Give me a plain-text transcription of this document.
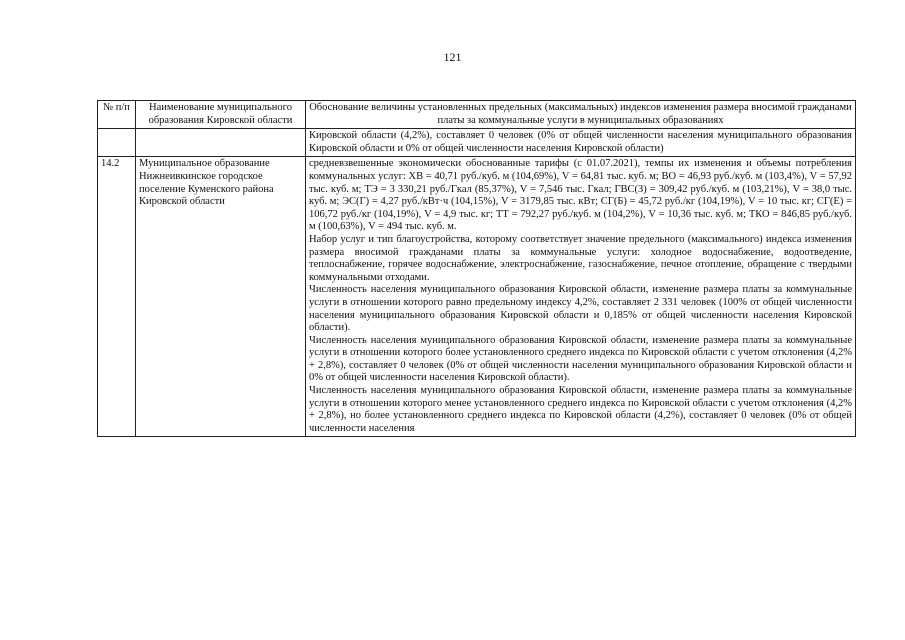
121
№ п/п	Наименование муниципального образования Кировской области	Обоснование величины установленных предельных (максимальных) индексов изменения размера вносимой гражданами платы за коммунальные услуги в муниципальных образованиях
		Кировской области (4,2%), составляет 0 человек (0% от общей численности населения муниципального образования Кировской области и 0% от общей численности населения Кировской области)
14.2	Муниципальное образование Нижнеивкинское городское поселение Куменского района Кировской области	средневзвешенные экономически обоснованные тарифы (с 01.07.2021), темпы их изменения и объемы потребления коммунальных услуг: ХВ = 40,71 руб./куб. м (104,69%), V = 64,81 тыс. куб. м; ВО = 46,93 руб./куб. м (103,4%), V = 57,92 тыс. куб. м; ТЭ = 3 330,21 руб./Гкал (85,37%), V = 7,546 тыс. Гкал; ГВС(З) = 309,42 руб./куб. м (103,21%), V = 38,0 тыс. куб. м; ЭС(Г) = 4,27 руб./кВт·ч (104,15%), V = 3179,85 тыс. кВт; СГ(Б) = 45,72 руб./кг (104,19%), V = 10 тыс. кг; СГ(Е) = 106,72 руб./кг (104,19%), V = 4,9 тыс. кг; ТТ = 792,27 руб./куб. м (104,2%), V = 10,36 тыс. куб. м; ТКО = 846,85 руб./куб. м (100,63%), V = 494 тыс. куб. м.

Набор услуг и тип благоустройства, которому соответствует значение предельного (максимального) индекса изменения размера вносимой гражданами платы за коммунальные услуги: холодное водоснабжение, водоотведение, теплоснабжение, горячее водоснабжение, электроснабжение, газоснабжение, печное отопление, обращение с твердыми коммунальными отходами.

Численность населения муниципального образования Кировской области, изменение размера платы за коммунальные услуги в отношении которого равно предельному индексу 4,2%, составляет 2 331 человек (100% от общей численности населения муниципального образования Кировской области и 0,185% от общей численности населения Кировской области).

Численность населения муниципального образования Кировской области, изменение размера платы за коммунальные услуги в отношении которого более установленного среднего индекса по Кировской области с учетом отклонения (4,2% + 2,8%), составляет 0 человек (0% от общей численности населения муниципального образования Кировской области и 0% от общей численности населения Кировской области).

Численность населения муниципального образования Кировской области, изменение размера платы за коммунальные услуги в отношении которого менее установленного среднего индекса по Кировской области с учетом отклонения (4,2% + 2,8%), но более установленного среднего индекса по Кировской области (4,2%), составляет 0 человек (0% от общей численности населения
